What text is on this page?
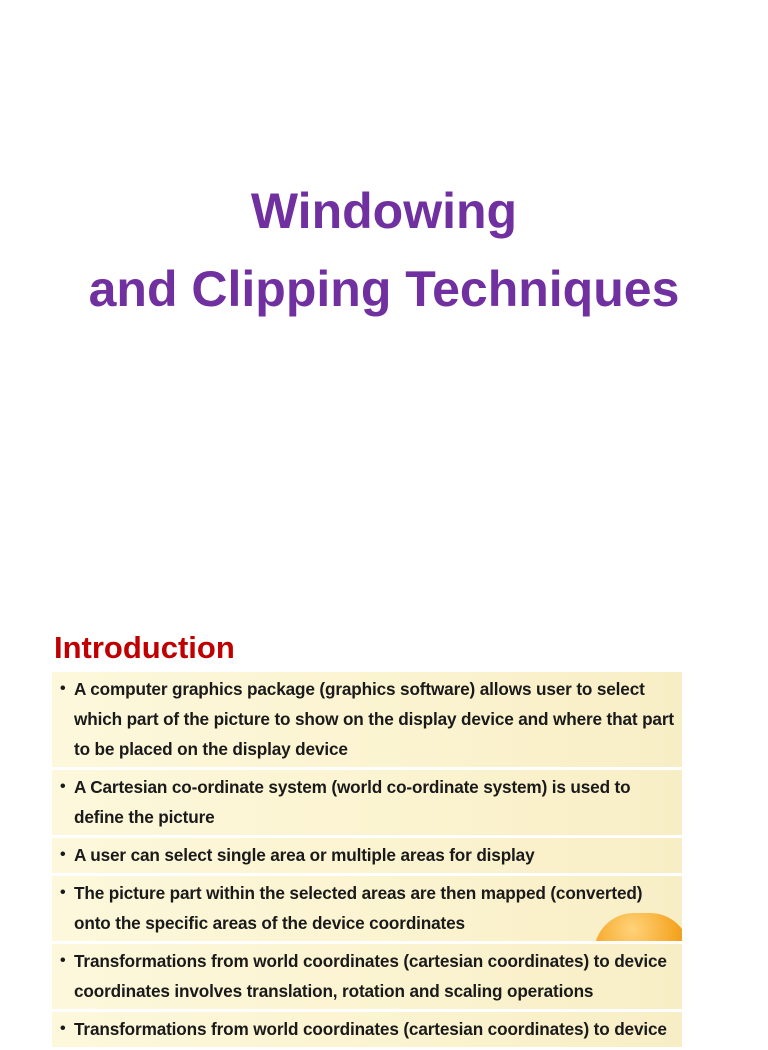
Windowing
and Clipping Techniques
Introduction
• A computer graphics package (graphics software) allows user to select which part of the picture to show on the display device and where that part to be placed on the display device
• A Cartesian co-ordinate system (world co-ordinate system) is used to define the picture
• A user can select single area or multiple areas for display
• The picture part within the selected areas are then mapped (converted) onto the specific areas of the device coordinates
• Transformations from world coordinates (cartesian coordinates) to device coordinates involves translation, rotation and scaling operations
• Transformations from world coordinates (cartesian coordinates) to device
